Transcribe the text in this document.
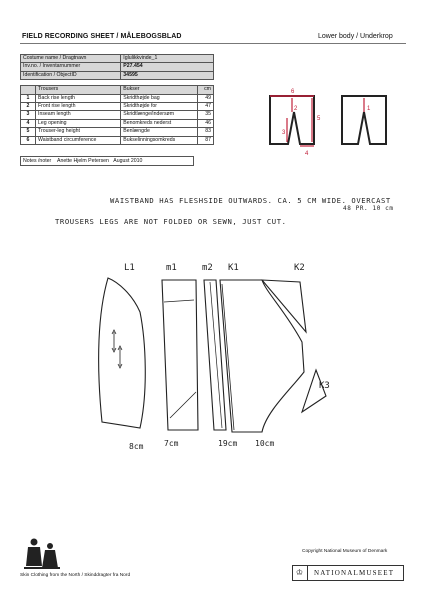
FIELD RECORDING SHEET / MÅLEBOGSBLAD	Lower body / Underkrop
Costume name / Dragtnavn		Iglulikkvinde_1	
Inv.no. / Inventarnummer		P27.454	
Identification / ObjectID		34595	

	Trousers	Bukser	cm
1	Back rise length	Skridthøjde bag	49
2	Front rise length	Skridthøjde for	47
3	Inseam length	Skridtlænge/indersøm	35
4	Leg opening	Benomkreds nederst	46
5	Trouser-leg height	Benlængde	83
6	Waistband circumference	Bukselinningsomkreds	87
Notes /noter Anette Hjelm Petersen August 2010
6
2
5
3
4
1
WAISTBAND HAS FLESHSIDE OUTWARDS. CA. 5 CM WIDE. OVERCAST
48 PR. 10 cm
TROUSERS LEGS ARE NOT FOLDED OR SEWN, JUST CUT.
L1	m1	m2 K1	K2
K3
8cm	7cm	19cm 10cm
Skin Clothing from the North / Skinddragter fra Nord
Copyright National Museum of Denmark
♔	NATIONALMUSEET
